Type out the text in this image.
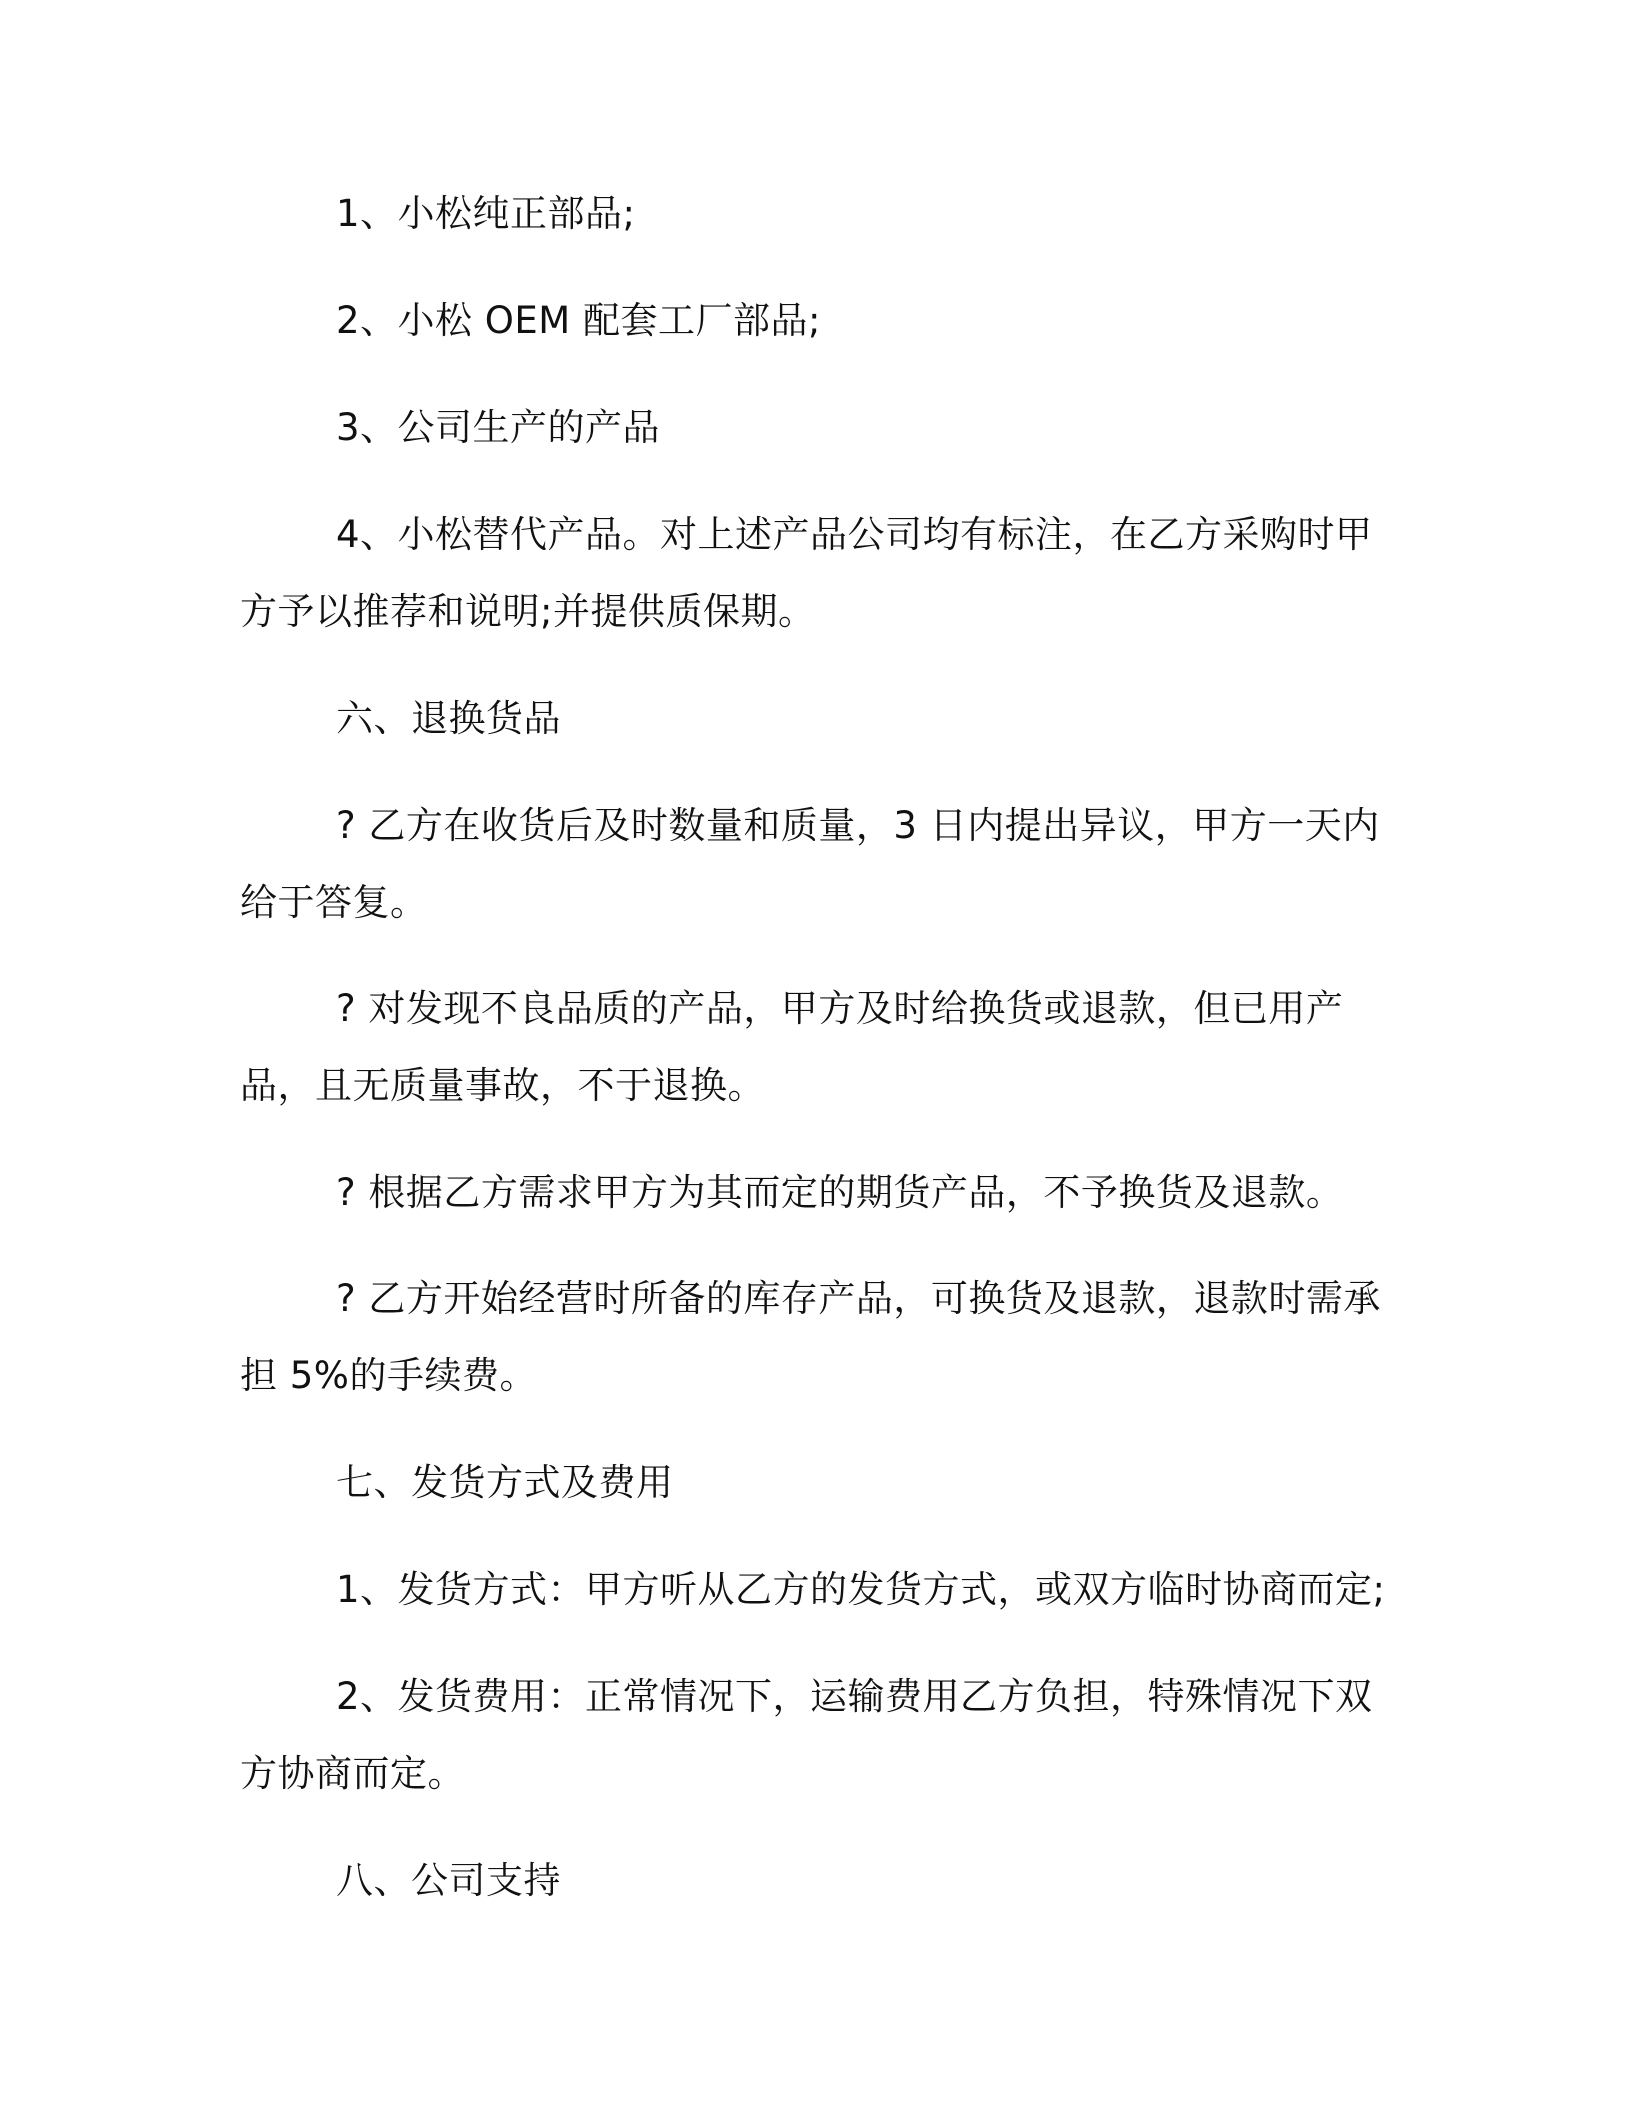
1、小松纯正部品;

2、小松 OEM 配套工厂部品;

3、公司生产的产品

4、小松替代产品。对上述产品公司均有标注，在乙方采购时甲方予以推荐和说明;并提供质保期。

六、退换货品

? 乙方在收货后及时数量和质量，3 日内提出异议，甲方一天内给于答复。

? 对发现不良品质的产品，甲方及时给换货或退款，但已用产品，且无质量事故，不于退换。

? 根据乙方需求甲方为其而定的期货产品，不予换货及退款。

? 乙方开始经营时所备的库存产品，可换货及退款，退款时需承担 5%的手续费。

七、发货方式及费用

1、发货方式：甲方听从乙方的发货方式，或双方临时协商而定;

2、发货费用：正常情况下，运输费用乙方负担，特殊情况下双方协商而定。

八、公司支持
